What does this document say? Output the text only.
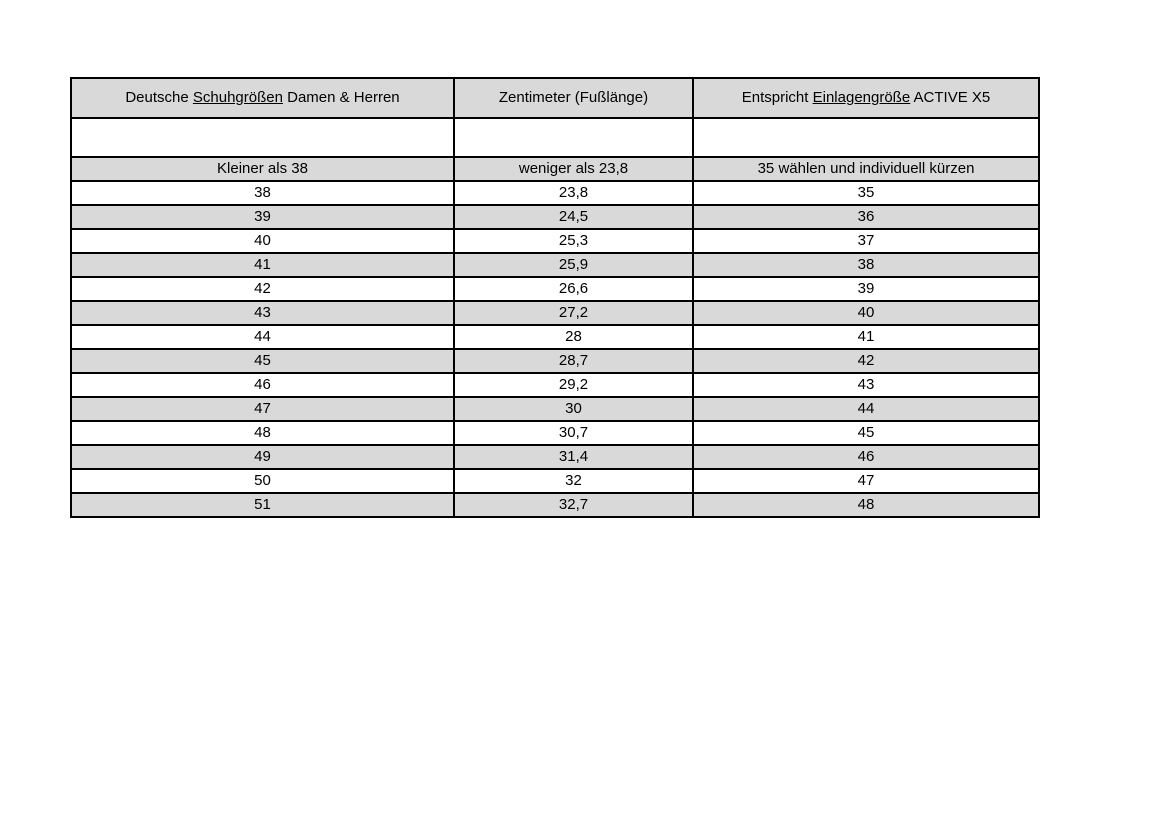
Deutsche Schuhgrößen Damen & Herren	Zentimeter (Fußlänge)	Entspricht Einlagengröße ACTIVE X5

Kleiner als 38	weniger als 23,8	35 wählen und individuell kürzen
38	23,8	35
39	24,5	36
40	25,3	37
41	25,9	38
42	26,6	39
43	27,2	40
44	28	41
45	28,7	42
46	29,2	43
47	30	44
48	30,7	45
49	31,4	46
50	32	47
51	32,7	48
